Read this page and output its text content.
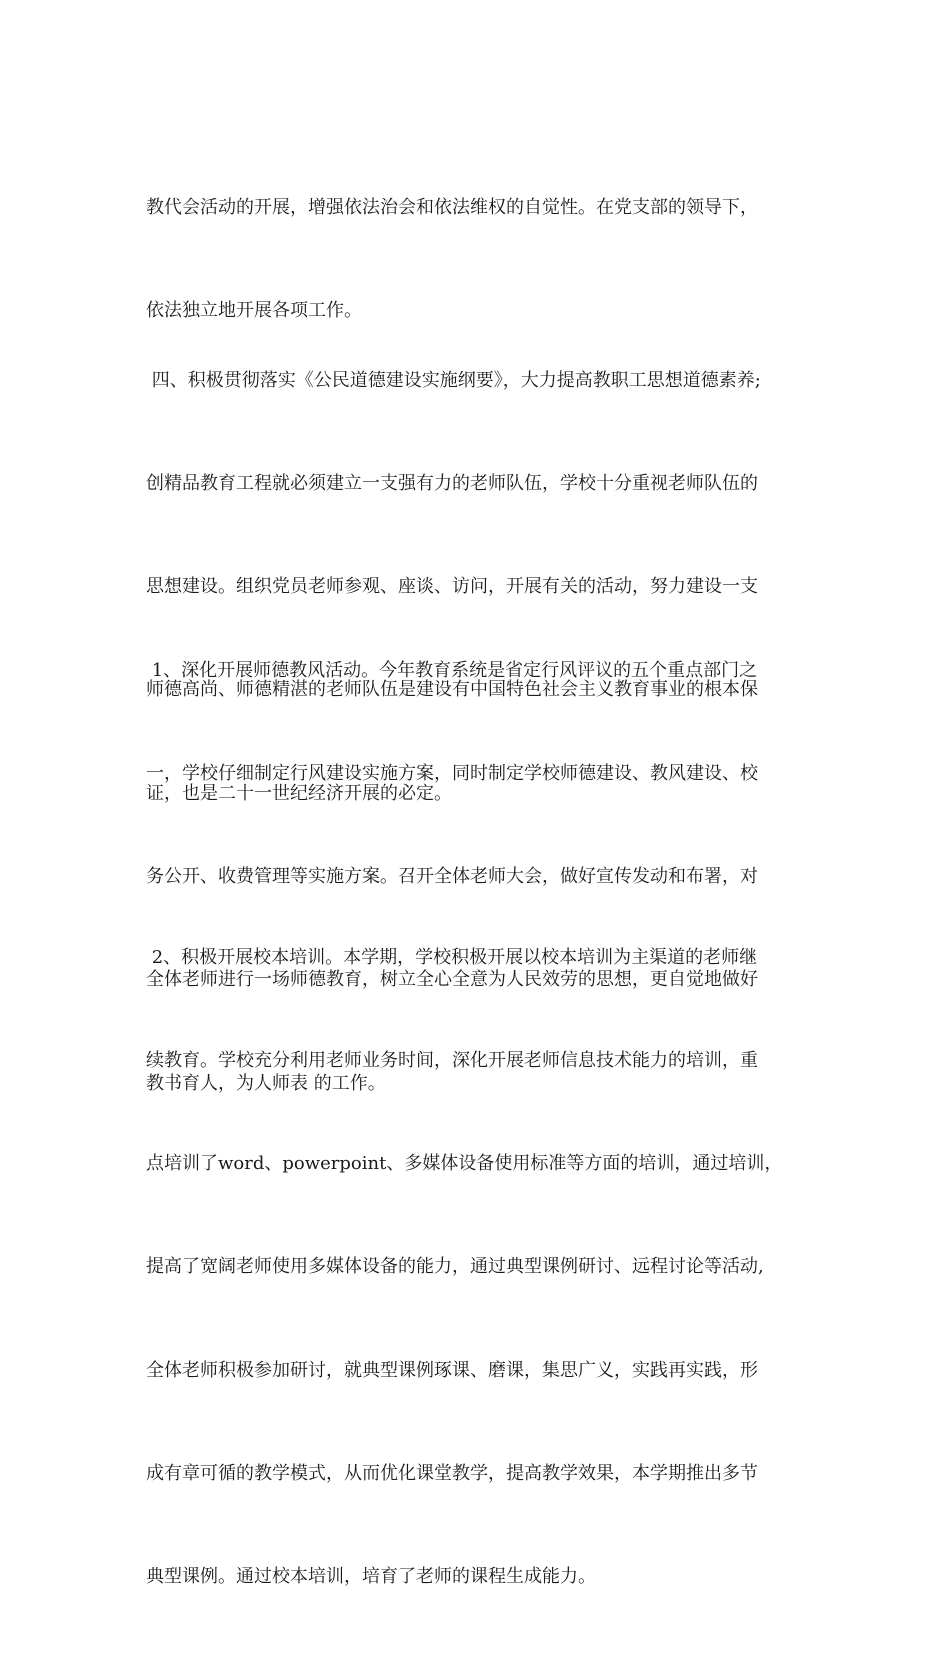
教代会活动的开展，增强依法治会和依法维权的自觉性。在党支部的领导下，

依法独立地开展各项工作。

四、积极贯彻落实《公民道德建设实施纲要》，大力提高教职工思想道德素养;

创精品教育工程就必须建立一支强有力的老师队伍，学校十分重视老师队伍的

思想建设。组织党员老师参观、座谈、访问，开展有关的活动，努力建设一支

师德高尚、师德精湛的老师队伍是建设有中国特色社会主义教育事业的根本保

证，也是二十一世纪经济开展的必定。

1、深化开展师德教风活动。今年教育系统是省定行风评议的五个重点部门之

一，学校仔细制定行风建设实施方案，同时制定学校师德建设、教风建设、校

务公开、收费管理等实施方案。召开全体老师大会，做好宣传发动和布署，对

全体老师进行一场师德教育，树立全心全意为人民效劳的思想，更自觉地做好

教书育人，为人师表 的工作。

2、积极开展校本培训。本学期，学校积极开展以校本培训为主渠道的老师继

续教育。学校充分利用老师业务时间，深化开展老师信息技术能力的培训，重

点培训了word、powerpoint、多媒体设备使用标准等方面的培训，通过培训，

提高了宽阔老师使用多媒体设备的能力，通过典型课例研讨、远程讨论等活动,

全体老师积极参加研讨，就典型课例琢课、磨课，集思广义，实践再实践，形

成有章可循的教学模式，从而优化课堂教学，提高教学效果，本学期推出多节

典型课例。通过校本培训，培育了老师的课程生成能力。
